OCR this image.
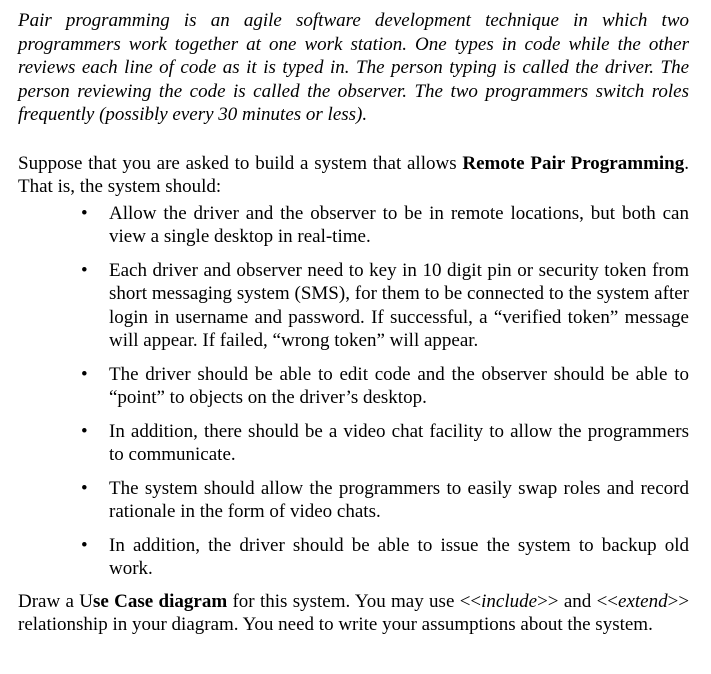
Pair programming is an agile software development technique in which two programmers work together at one work station. One types in code while the other reviews each line of code as it is typed in. The person typing is called the driver. The person reviewing the code is called the observer. The two programmers switch roles frequently (possibly every 30 minutes or less).

Suppose that you are asked to build a system that allows Remote Pair Programming. That is, the system should:

• Allow the driver and the observer to be in remote locations, but both can view a single desktop in real-time.
• Each driver and observer need to key in 10 digit pin or security token from short messaging system (SMS), for them to be connected to the system after login in username and password. If successful, a “verified token” message will appear. If failed, “wrong token” will appear.
• The driver should be able to edit code and the observer should be able to “point” to objects on the driver’s desktop.
• In addition, there should be a video chat facility to allow the programmers to communicate.
• The system should allow the programmers to easily swap roles and record rationale in the form of video chats.
• In addition, the driver should be able to issue the system to backup old work.

Draw a Use Case diagram for this system. You may use <<include>> and <<extend>> relationship in your diagram. You need to write your assumptions about the system.
